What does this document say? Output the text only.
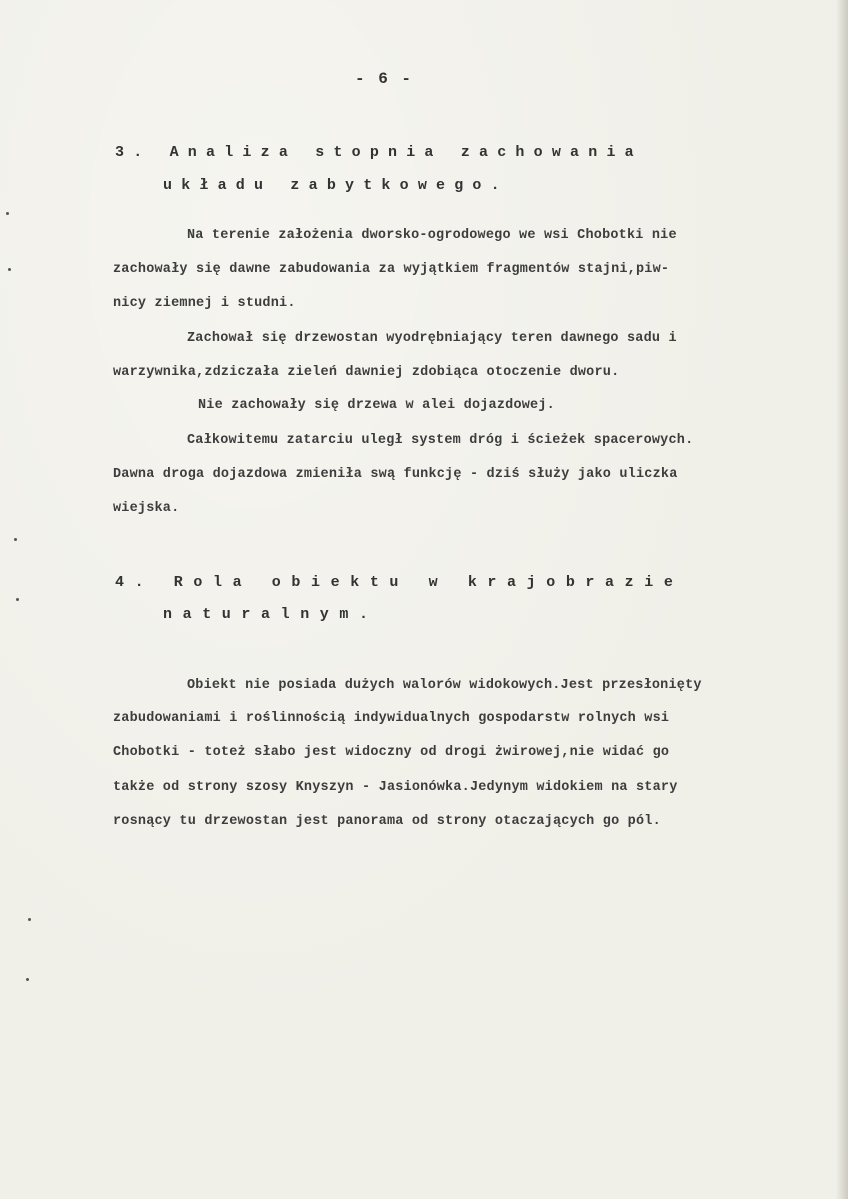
- 6 -
3. Analiza stopnia zachowania
układu zabytkowego.
Na terenie założenia dworsko-ogrodowego we wsi Chobotki nie
zachowały się dawne zabudowania za wyjątkiem fragmentów stajni,piw-
nicy ziemnej i studni.
Zachował się drzewostan wyodrębniający teren dawnego sadu i
warzywnika,zdziczała zieleń dawniej zdobiąca otoczenie dworu.
Nie zachowały się drzewa w alei dojazdowej.
Całkowitemu zatarciu uległ system dróg i ścieżek spacerowych.
Dawna droga dojazdowa zmieniła swą funkcję - dziś służy jako uliczka
wiejska.
4. Rola obiektu w krajobrazie
naturalnym.
Obiekt nie posiada dużych walorów widokowych.Jest przesłonięty
zabudowaniami i roślinnością indywidualnych gospodarstw rolnych wsi
Chobotki - toteż słabo jest widoczny od drogi żwirowej,nie widać go
także od strony szosy Knyszyn - Jasionówka.Jedynym widokiem na stary
rosnący tu drzewostan jest panorama od strony otaczających go pól.
